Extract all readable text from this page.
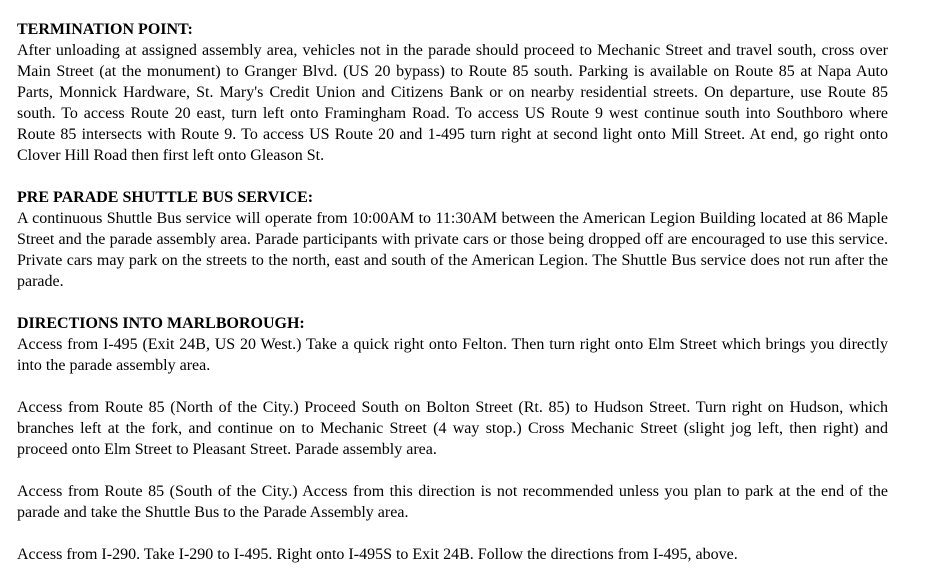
TERMINATION POINT:

After unloading at assigned assembly area, vehicles not in the parade should proceed to Mechanic Street and travel south, cross over Main Street (at the monument) to Granger Blvd. (US 20 bypass) to Route 85 south. Parking is available on Route 85 at Napa Auto Parts, Monnick Hardware, St. Mary's Credit Union and Citizens Bank or on nearby residential streets. On departure, use Route 85 south. To access Route 20 east, turn left onto Framingham Road. To access US Route 9 west continue south into Southboro where Route 85 intersects with Route 9. To access US Route 20 and 1-495 turn right at second light onto Mill Street. At end, go right onto Clover Hill Road then first left onto Gleason St.

PRE PARADE SHUTTLE BUS SERVICE:

A continuous Shuttle Bus service will operate from 10:00AM to 11:30AM between the American Legion Building located at 86 Maple Street and the parade assembly area. Parade participants with private cars or those being dropped off are encouraged to use this service. Private cars may park on the streets to the north, east and south of the American Legion. The Shuttle Bus service does not run after the parade.

DIRECTIONS INTO MARLBOROUGH:

Access from I-495 (Exit 24B, US 20 West.) Take a quick right onto Felton. Then turn right onto Elm Street which brings you directly into the parade assembly area.

Access from Route 85 (North of the City.) Proceed South on Bolton Street (Rt. 85) to Hudson Street. Turn right on Hudson, which branches left at the fork, and continue on to Mechanic Street (4 way stop.) Cross Mechanic Street (slight jog left, then right) and proceed onto Elm Street to Pleasant Street. Parade assembly area.

Access from Route 85 (South of the City.) Access from this direction is not recommended unless you plan to park at the end of the parade and take the Shuttle Bus to the Parade Assembly area.

Access from I-290. Take I-290 to I-495. Right onto I-495S to Exit 24B. Follow the directions from I-495, above.
